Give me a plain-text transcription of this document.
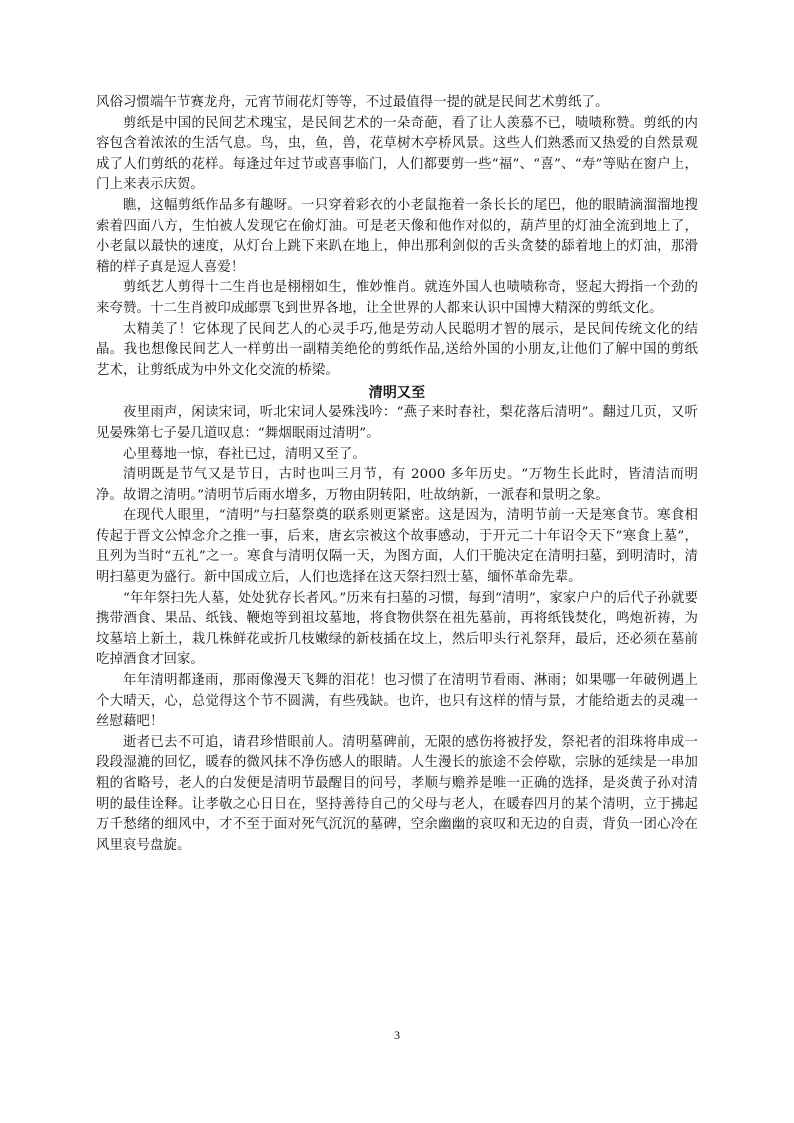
风俗习惯端午节赛龙舟，元宵节闹花灯等等，不过最值得一提的就是民间艺术剪纸了。

剪纸是中国的民间艺术瑰宝，是民间艺术的一朵奇葩，看了让人羡慕不已，啧啧称赞。剪纸的内容包含着浓浓的生活气息。鸟，虫，鱼，兽，花草树木亭桥风景。这些人们熟悉而又热爱的自然景观成了人们剪纸的花样。每逢过年过节或喜事临门，人们都要剪一些“福”、“喜”、“寿”等贴在窗户上，门上来表示庆贺。

瞧，这幅剪纸作品多有趣呀。一只穿着彩衣的小老鼠拖着一条长长的尾巴，他的眼睛滴溜溜地搜索着四面八方，生怕被人发现它在偷灯油。可是老天像和他作对似的，葫芦里的灯油全流到地上了，小老鼠以最快的速度，从灯台上跳下来趴在地上，伸出那利剑似的舌头贪婪的舔着地上的灯油，那滑稽的样子真是逗人喜爱！

剪纸艺人剪得十二生肖也是栩栩如生，惟妙惟肖。就连外国人也啧啧称奇，竖起大拇指一个劲的来夸赞。十二生肖被印成邮票飞到世界各地，让全世界的人都来认识中国博大精深的剪纸文化。

太精美了！它体现了民间艺人的心灵手巧,他是劳动人民聪明才智的展示，是民间传统文化的结晶。我也想像民间艺人一样剪出一副精美绝伦的剪纸作品,送给外国的小朋友,让他们了解中国的剪纸艺术，让剪纸成为中外文化交流的桥梁。

清明又至

夜里雨声，闲读宋词，听北宋词人晏殊浅吟：“燕子来时春社，梨花落后清明”。翻过几页，又听见晏殊第七子晏几道叹息：“舞烟眠雨过清明”。

心里蓦地一惊，春社已过，清明又至了。

清明既是节气又是节日，古时也叫三月节，有 2000 多年历史。“万物生长此时，皆清洁而明净。故谓之清明。”清明节后雨水增多，万物由阴转阳，吐故纳新，一派春和景明之象。

在现代人眼里，“清明”与扫墓祭奠的联系则更紧密。这是因为，清明节前一天是寒食节。寒食相传起于晋文公悼念介之推一事，后来，唐玄宗被这个故事感动，于开元二十年诏令天下“寒食上墓”，且列为当时“五礼”之一。寒食与清明仅隔一天，为图方面，人们干脆决定在清明扫墓，到明清时，清明扫墓更为盛行。新中国成立后，人们也选择在这天祭扫烈士墓，缅怀革命先辈。

“年年祭扫先人墓，处处犹存长者风。”历来有扫墓的习惯，每到“清明”，家家户户的后代子孙就要携带酒食、果品、纸钱、鞭炮等到祖坟墓地，将食物供祭在祖先墓前，再将纸钱焚化，鸣炮祈祷，为坟墓培上新土，栽几株鲜花或折几枝嫩绿的新枝插在坟上，然后叩头行礼祭拜，最后，还必须在墓前吃掉酒食才回家。

年年清明都逢雨，那雨像漫天飞舞的泪花！也习惯了在清明节看雨、淋雨；如果哪一年破例遇上个大晴天，心，总觉得这个节不圆满，有些残缺。也许，也只有这样的情与景，才能给逝去的灵魂一丝慰藉吧！

逝者已去不可追，请君珍惜眼前人。清明墓碑前，无限的感伤将被抒发，祭祀者的泪珠将串成一段段湿漉的回忆，暖春的微风抹不净伤感人的眼睛。人生漫长的旅途不会停歇，宗脉的延续是一串加粗的省略号，老人的白发便是清明节最醒目的问号，孝顺与赡养是唯一正确的选择，是炎黄子孙对清明的最佳诠释。让孝敬之心日日在，坚持善待自己的父母与老人，在暖春四月的某个清明，立于拂起万千愁绪的细风中，才不至于面对死气沉沉的墓碑，空余幽幽的哀叹和无边的自责，背负一团心冷在风里哀号盘旋。

3
